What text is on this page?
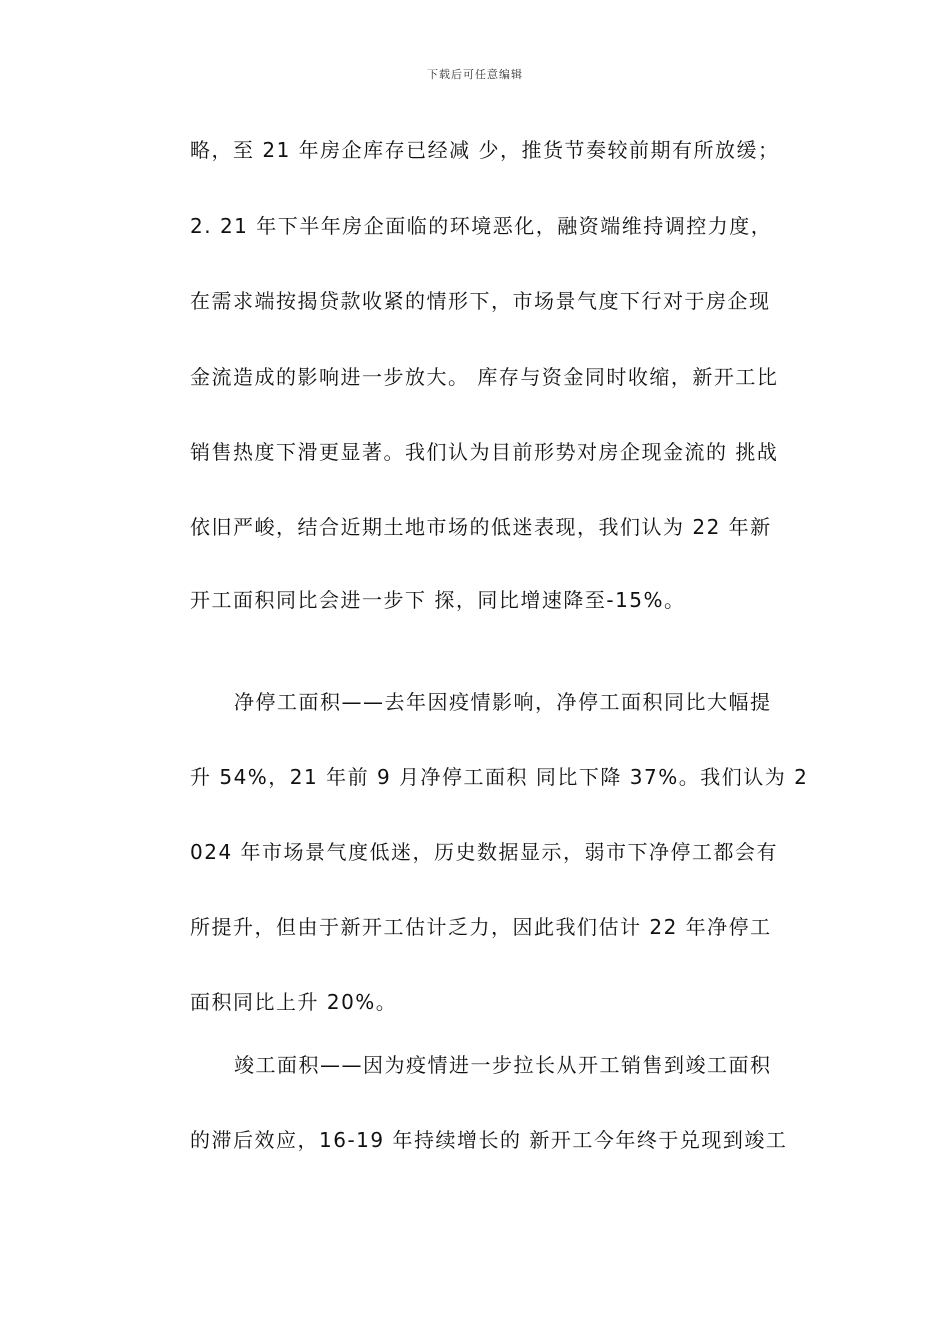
下载后可任意编辑
略，至 21 年房企库存已经减 少，推货节奏较前期有所放缓；
2. 21 年下半年房企面临的环境恶化，融资端维持调控力度，
在需求端按揭贷款收紧的情形下，市场景气度下行对于房企现
金流造成的影响进一步放大。 库存与资金同时收缩，新开工比
销售热度下滑更显著。我们认为目前形势对房企现金流的 挑战
依旧严峻，结合近期土地市场的低迷表现，我们认为 22 年新
开工面积同比会进一步下 探，同比增速降至-15%。
净停工面积——去年因疫情影响，净停工面积同比大幅提
升 54%，21 年前 9 月净停工面积 同比下降 37%。我们认为 2
024 年市场景气度低迷，历史数据显示，弱市下净停工都会有
所提升，但由于新开工估计乏力，因此我们估计 22 年净停工
面积同比上升 20%。
竣工面积——因为疫情进一步拉长从开工销售到竣工面积
的滞后效应，16-19 年持续增长的 新开工今年终于兑现到竣工
